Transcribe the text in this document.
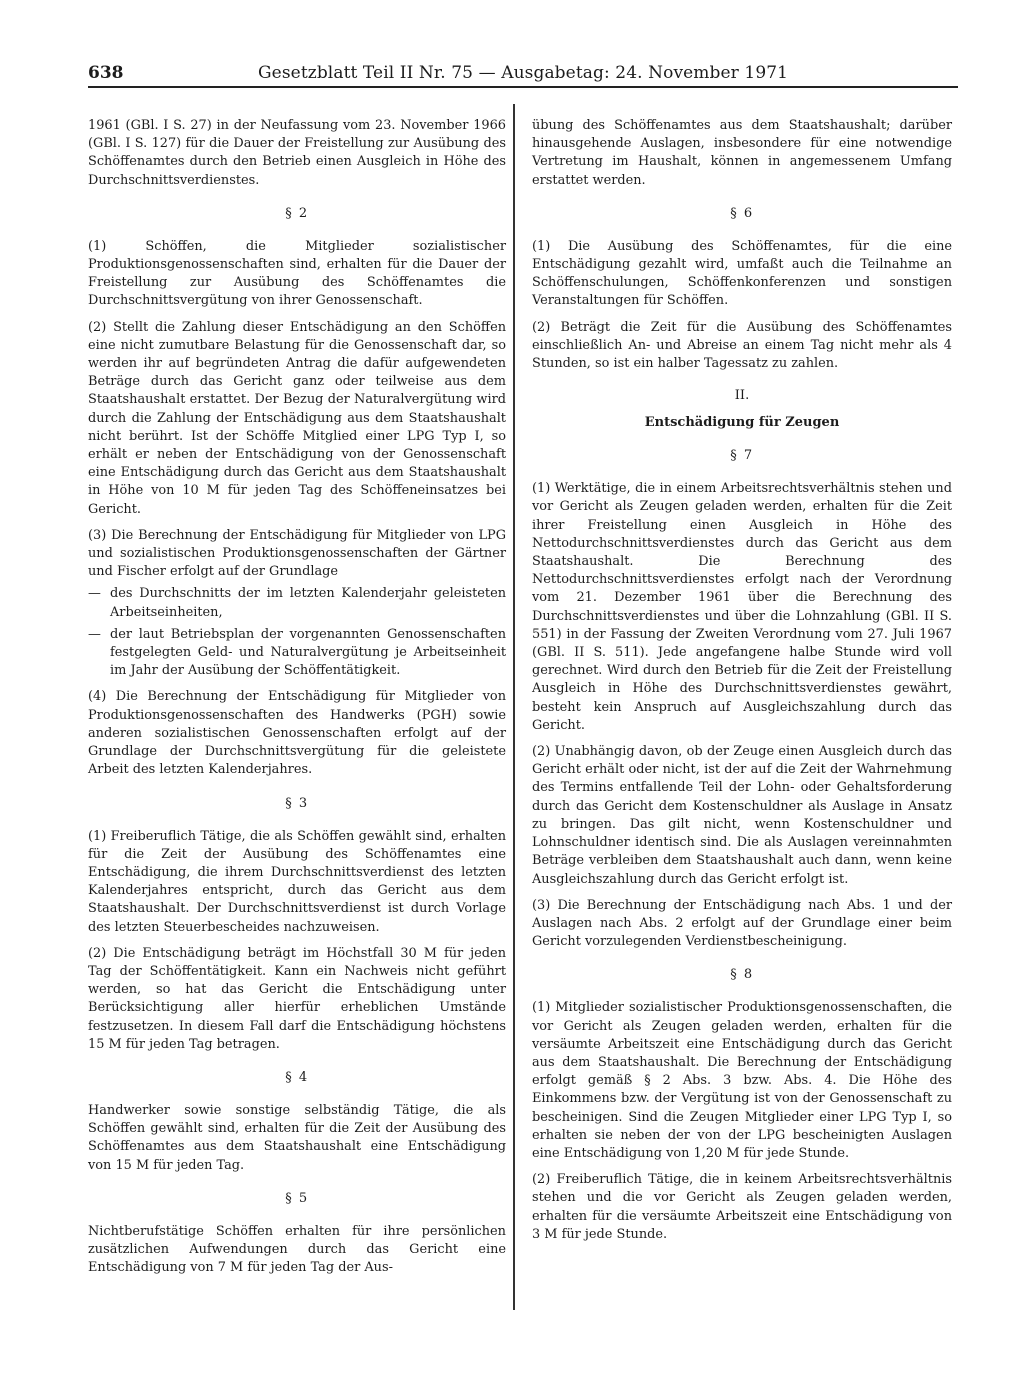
638	Gesetzblatt Teil II Nr. 75 — Ausgabetag: 24. November 1971

1961 (GBl. I S. 27) in der Neufassung vom 23. November 1966 (GBl. I S. 127) für die Dauer der Freistellung zur Ausübung des Schöffenamtes durch den Betrieb einen Ausgleich in Höhe des Durchschnittsverdienstes.

§ 2

(1) Schöffen, die Mitglieder sozialistischer Produktionsgenossenschaften sind, erhalten für die Dauer der Freistellung zur Ausübung des Schöffenamtes die Durchschnittsvergütung von ihrer Genossenschaft.

(2) Stellt die Zahlung dieser Entschädigung an den Schöffen eine nicht zumutbare Belastung für die Genossenschaft dar, so werden ihr auf begründeten Antrag die dafür aufgewendeten Beträge durch das Gericht ganz oder teilweise aus dem Staatshaushalt erstattet. Der Bezug der Naturalvergütung wird durch die Zahlung der Entschädigung aus dem Staatshaushalt nicht berührt. Ist der Schöffe Mitglied einer LPG Typ I, so erhält er neben der Entschädigung von der Genossenschaft eine Entschädigung durch das Gericht aus dem Staatshaushalt in Höhe von 10 M für jeden Tag des Schöffeneinsatzes bei Gericht.

(3) Die Berechnung der Entschädigung für Mitglieder von LPG und sozialistischen Produktionsgenossenschaften der Gärtner und Fischer erfolgt auf der Grundlage

— des Durchschnitts der im letzten Kalenderjahr geleisteten Arbeitseinheiten,

— der laut Betriebsplan der vorgenannten Genossenschaften festgelegten Geld- und Naturalvergütung je Arbeitseinheit im Jahr der Ausübung der Schöffentätigkeit.

(4) Die Berechnung der Entschädigung für Mitglieder von Produktionsgenossenschaften des Handwerks (PGH) sowie anderen sozialistischen Genossenschaften erfolgt auf der Grundlage der Durchschnittsvergütung für die geleistete Arbeit des letzten Kalenderjahres.

§ 3

(1) Freiberuflich Tätige, die als Schöffen gewählt sind, erhalten für die Zeit der Ausübung des Schöffenamtes eine Entschädigung, die ihrem Durchschnittsverdienst des letzten Kalenderjahres entspricht, durch das Gericht aus dem Staatshaushalt. Der Durchschnittsverdienst ist durch Vorlage des letzten Steuerbescheides nachzuweisen.

(2) Die Entschädigung beträgt im Höchstfall 30 M für jeden Tag der Schöffentätigkeit. Kann ein Nachweis nicht geführt werden, so hat das Gericht die Entschädigung unter Berücksichtigung aller hierfür erheblichen Umstände festzusetzen. In diesem Fall darf die Entschädigung höchstens 15 M für jeden Tag betragen.

§ 4

Handwerker sowie sonstige selbständig Tätige, die als Schöffen gewählt sind, erhalten für die Zeit der Ausübung des Schöffenamtes aus dem Staatshaushalt eine Entschädigung von 15 M für jeden Tag.

§ 5

Nichtberufstätige Schöffen erhalten für ihre persönlichen zusätzlichen Aufwendungen durch das Gericht eine Entschädigung von 7 M für jeden Tag der Aus-

übung des Schöffenamtes aus dem Staatshaushalt; darüber hinausgehende Auslagen, insbesondere für eine notwendige Vertretung im Haushalt, können in angemessenem Umfang erstattet werden.

§ 6

(1) Die Ausübung des Schöffenamtes, für die eine Entschädigung gezahlt wird, umfaßt auch die Teilnahme an Schöffenschulungen, Schöffenkonferenzen und sonstigen Veranstaltungen für Schöffen.

(2) Beträgt die Zeit für die Ausübung des Schöffenamtes einschließlich An- und Abreise an einem Tag nicht mehr als 4 Stunden, so ist ein halber Tagessatz zu zahlen.

II.
Entschädigung für Zeugen
§ 7

(1) Werktätige, die in einem Arbeitsrechtsverhältnis stehen und vor Gericht als Zeugen geladen werden, erhalten für die Zeit ihrer Freistellung einen Ausgleich in Höhe des Nettodurchschnittsverdienstes durch das Gericht aus dem Staatshaushalt. Die Berechnung des Nettodurchschnittsverdienstes erfolgt nach der Verordnung vom 21. Dezember 1961 über die Berechnung des Durchschnittsverdienstes und über die Lohnzahlung (GBl. II S. 551) in der Fassung der Zweiten Verordnung vom 27. Juli 1967 (GBl. II S. 511). Jede angefangene halbe Stunde wird voll gerechnet. Wird durch den Betrieb für die Zeit der Freistellung Ausgleich in Höhe des Durchschnittsverdienstes gewährt, besteht kein Anspruch auf Ausgleichszahlung durch das Gericht.

(2) Unabhängig davon, ob der Zeuge einen Ausgleich durch das Gericht erhält oder nicht, ist der auf die Zeit der Wahrnehmung des Termins entfallende Teil der Lohn- oder Gehaltsforderung durch das Gericht dem Kostenschuldner als Auslage in Ansatz zu bringen. Das gilt nicht, wenn Kostenschuldner und Lohnschuldner identisch sind. Die als Auslagen vereinnahmten Beträge verbleiben dem Staatshaushalt auch dann, wenn keine Ausgleichszahlung durch das Gericht erfolgt ist.

(3) Die Berechnung der Entschädigung nach Abs. 1 und der Auslagen nach Abs. 2 erfolgt auf der Grundlage einer beim Gericht vorzulegenden Verdienstbescheinigung.

§ 8

(1) Mitglieder sozialistischer Produktionsgenossenschaften, die vor Gericht als Zeugen geladen werden, erhalten für die versäumte Arbeitszeit eine Entschädigung durch das Gericht aus dem Staatshaushalt. Die Berechnung der Entschädigung erfolgt gemäß § 2 Abs. 3 bzw. Abs. 4. Die Höhe des Einkommens bzw. der Vergütung ist von der Genossenschaft zu bescheinigen. Sind die Zeugen Mitglieder einer LPG Typ I, so erhalten sie neben der von der LPG bescheinigten Auslagen eine Entschädigung von 1,20 M für jede Stunde.

(2) Freiberuflich Tätige, die in keinem Arbeitsrechtsverhältnis stehen und die vor Gericht als Zeugen geladen werden, erhalten für die versäumte Arbeitszeit eine Entschädigung von 3 M für jede Stunde.
